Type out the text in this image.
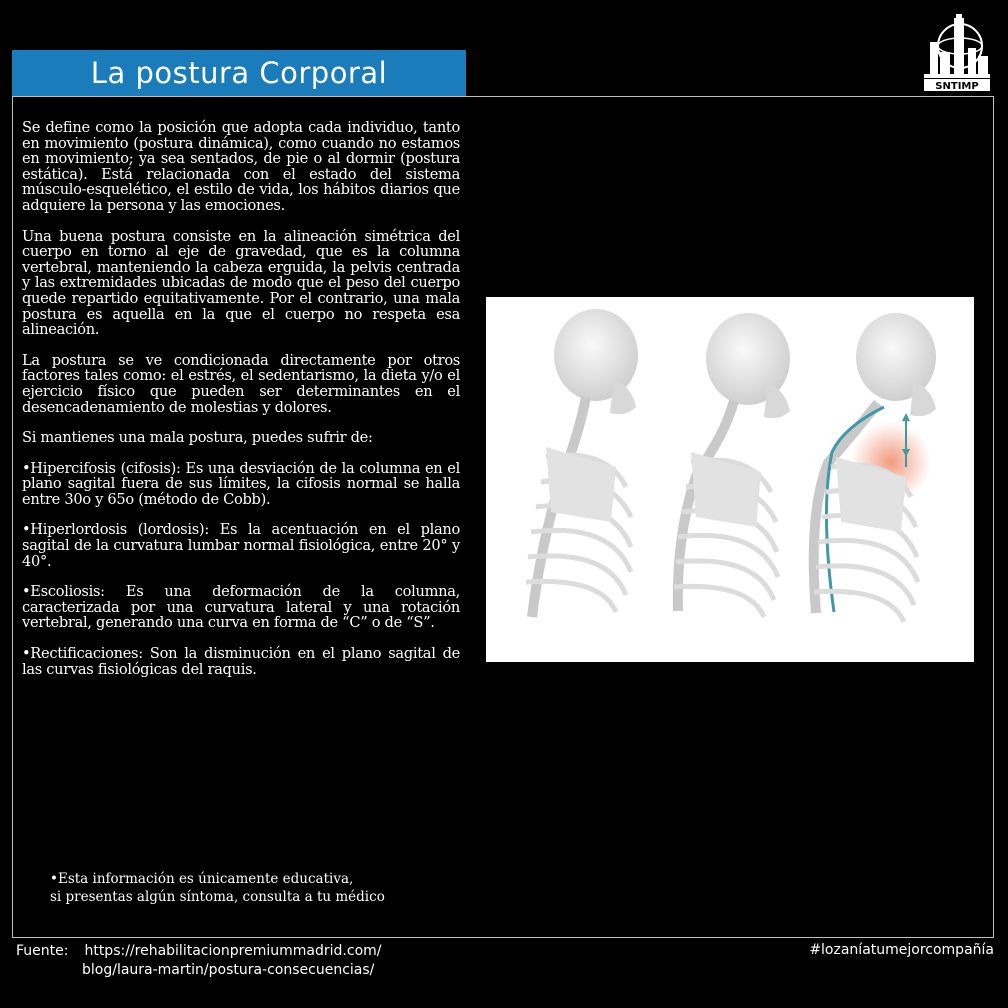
La postura Corporal	SNTIMP

Se define como la posición que adopta cada individuo, tanto en movimiento (postura dinámica), como cuando no estamos en movimiento; ya sea sentados, de pie o al dormir (postura estática). Está relacionada con el estado del sistema músculo-esquelético, el estilo de vida, los hábitos diarios que adquiere la persona y las emociones.

Una buena postura consiste en la alineación simétrica del cuerpo en torno al eje de gravedad, que es la columna vertebral, manteniendo la cabeza erguida, la pelvis centrada y las extremidades ubicadas de modo que el peso del cuerpo quede repartido equitativamente. Por el contrario, una mala postura es aquella en la que el cuerpo no respeta esa alineación.

La postura se ve condicionada directamente por otros factores tales como: el estrés, el sedentarismo, la dieta y/o el ejercicio físico que pueden ser determinantes en el desencadenamiento de molestias y dolores.

Si mantienes una mala postura, puedes sufrir de:

•Hipercifosis (cifosis): Es una desviación de la columna en el plano sagital fuera de sus límites, la cifosis normal se halla entre 30o y 65o (método de Cobb).

•Hiperlordosis (lordosis): Es la acentuación en el plano sagital de la curvatura lumbar normal fisiológica, entre 20° y 40°.

•Escoliosis: Es una deformación de la columna, caracterizada por una curvatura lateral y una rotación vertebral, generando una curva en forma de “C” o de “S”.

•Rectificaciones: Son la disminución en el plano sagital de las curvas fisiológicas del raquis.

•Esta información es únicamente educativa,
si presentas algún síntoma, consulta a tu médico
Fuente: https://rehabilitacionpremiummadrid.com/
blog/laura-martin/postura-consecuencias/
#lozaníatumejorcompañía
